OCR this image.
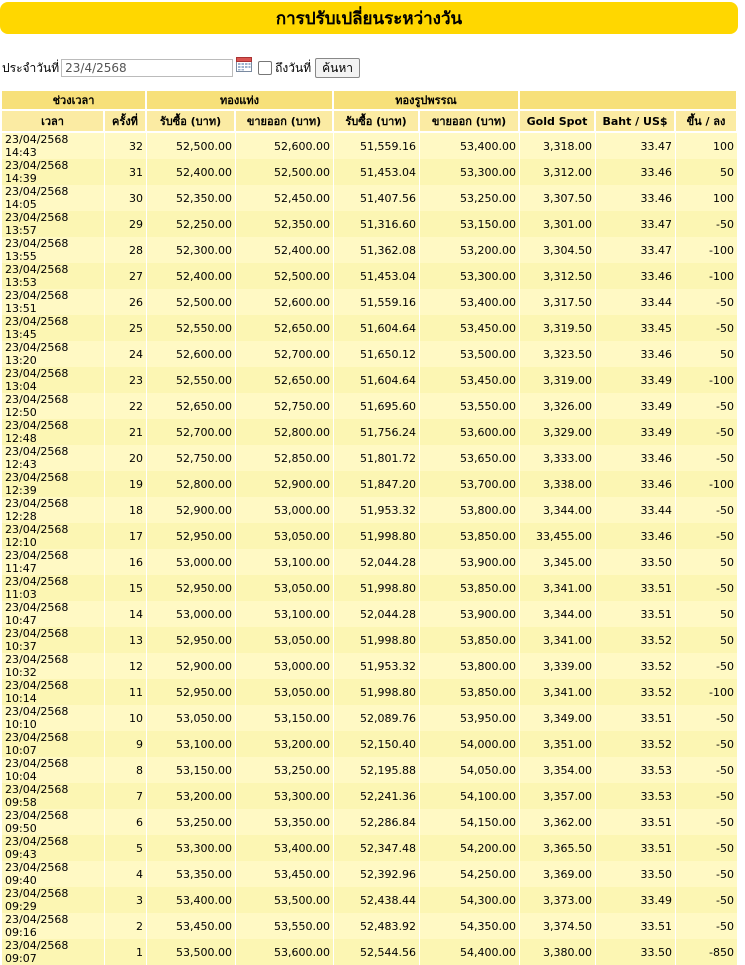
การปรับเปลี่ยนระหว่างวัน
ประจำวันที่
23/4/2568	ถึงวันที่ ค้นหา
ช่วงเวลา		ทองแท่ง		ทองรูปพรรณ				
เวลา	ครั้งที่	รับซื้อ (บาท)	ขายออก (บาท)	รับซื้อ (บาท)	ขายออก (บาท)	Gold Spot	Baht / US$	ขึ้น / ลง
23/04/2568 14:43	32	52,500.00	52,600.00	51,559.16	53,400.00	3,318.00	33.47	100
23/04/2568 14:39	31	52,400.00	52,500.00	51,453.04	53,300.00	3,312.00	33.46	50
23/04/2568 14:05	30	52,350.00	52,450.00	51,407.56	53,250.00	3,307.50	33.46	100
23/04/2568 13:57	29	52,250.00	52,350.00	51,316.60	53,150.00	3,301.00	33.47	-50
23/04/2568 13:55	28	52,300.00	52,400.00	51,362.08	53,200.00	3,304.50	33.47	-100
23/04/2568 13:53	27	52,400.00	52,500.00	51,453.04	53,300.00	3,312.50	33.46	-100
23/04/2568 13:51	26	52,500.00	52,600.00	51,559.16	53,400.00	3,317.50	33.44	-50
23/04/2568 13:45	25	52,550.00	52,650.00	51,604.64	53,450.00	3,319.50	33.45	-50
23/04/2568 13:20	24	52,600.00	52,700.00	51,650.12	53,500.00	3,323.50	33.46	50
23/04/2568 13:04	23	52,550.00	52,650.00	51,604.64	53,450.00	3,319.00	33.49	-100
23/04/2568 12:50	22	52,650.00	52,750.00	51,695.60	53,550.00	3,326.00	33.49	-50
23/04/2568 12:48	21	52,700.00	52,800.00	51,756.24	53,600.00	3,329.00	33.49	-50
23/04/2568 12:43	20	52,750.00	52,850.00	51,801.72	53,650.00	3,333.00	33.46	-50
23/04/2568 12:39	19	52,800.00	52,900.00	51,847.20	53,700.00	3,338.00	33.46	-100
23/04/2568 12:28	18	52,900.00	53,000.00	51,953.32	53,800.00	3,344.00	33.44	-50
23/04/2568 12:10	17	52,950.00	53,050.00	51,998.80	53,850.00	33,455.00	33.46	-50
23/04/2568 11:47	16	53,000.00	53,100.00	52,044.28	53,900.00	3,345.00	33.50	50
23/04/2568 11:03	15	52,950.00	53,050.00	51,998.80	53,850.00	3,341.00	33.51	-50
23/04/2568 10:47	14	53,000.00	53,100.00	52,044.28	53,900.00	3,344.00	33.51	50
23/04/2568 10:37	13	52,950.00	53,050.00	51,998.80	53,850.00	3,341.00	33.52	50
23/04/2568 10:32	12	52,900.00	53,000.00	51,953.32	53,800.00	3,339.00	33.52	-50
23/04/2568 10:14	11	52,950.00	53,050.00	51,998.80	53,850.00	3,341.00	33.52	-100
23/04/2568 10:10	10	53,050.00	53,150.00	52,089.76	53,950.00	3,349.00	33.51	-50
23/04/2568 10:07	9	53,100.00	53,200.00	52,150.40	54,000.00	3,351.00	33.52	-50
23/04/2568 10:04	8	53,150.00	53,250.00	52,195.88	54,050.00	3,354.00	33.53	-50
23/04/2568 09:58	7	53,200.00	53,300.00	52,241.36	54,100.00	3,357.00	33.53	-50
23/04/2568 09:50	6	53,250.00	53,350.00	52,286.84	54,150.00	3,362.00	33.51	-50
23/04/2568 09:43	5	53,300.00	53,400.00	52,347.48	54,200.00	3,365.50	33.51	-50
23/04/2568 09:40	4	53,350.00	53,450.00	52,392.96	54,250.00	3,369.00	33.50	-50
23/04/2568 09:29	3	53,400.00	53,500.00	52,438.44	54,300.00	3,373.00	33.49	-50
23/04/2568 09:16	2	53,450.00	53,550.00	52,483.92	54,350.00	3,374.50	33.51	-50
23/04/2568 09:07	1	53,500.00	53,600.00	52,544.56	54,400.00	3,380.00	33.50	-850
